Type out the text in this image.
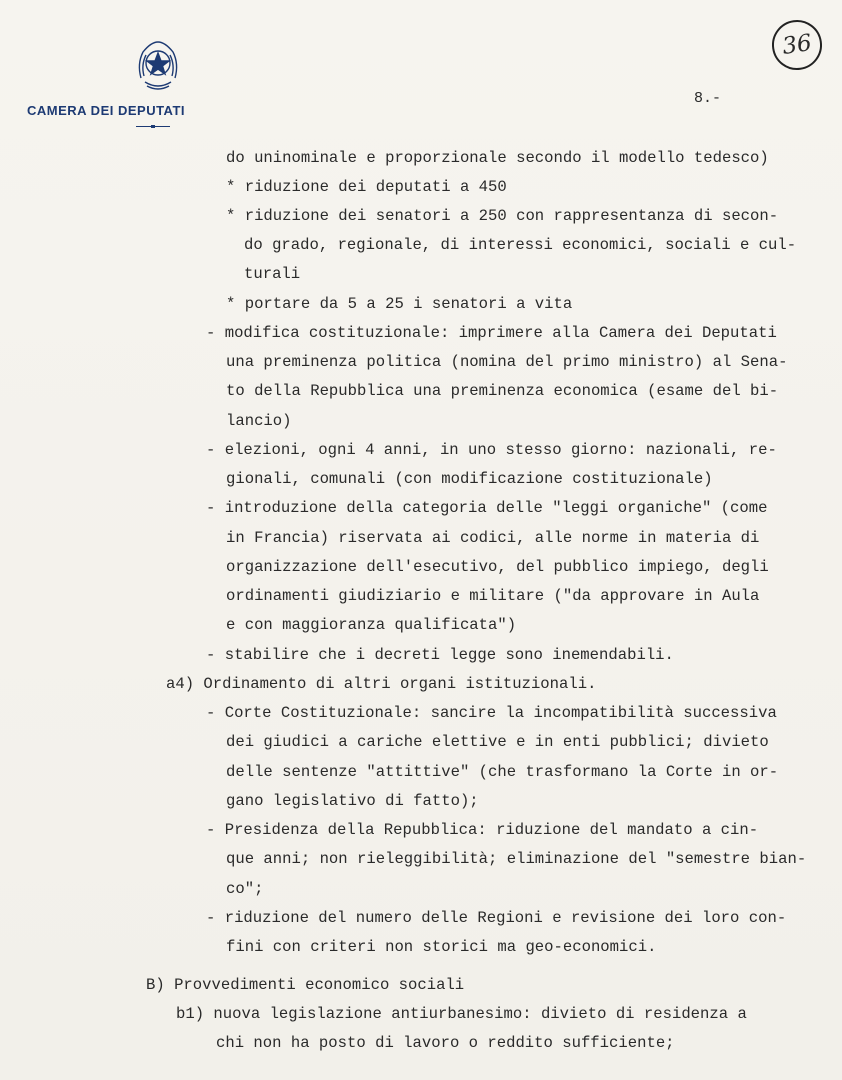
CAMERA DEI DEPUTATI
8.-
36
do uninominale e proporzionale secondo il modello tedesco)
* riduzione dei deputati a 450
* riduzione dei senatori a 250 con rappresentanza di secon-
do grado, regionale, di interessi economici, sociali e cul-
turali
* portare da 5 a 25 i senatori a vita
- modifica costituzionale: imprimere alla Camera dei Deputati
una preminenza politica (nomina del primo ministro) al Sena-
to della Repubblica una preminenza economica (esame del bi-
lancio)
- elezioni, ogni 4 anni, in uno stesso giorno: nazionali, re-
gionali, comunali (con modificazione costituzionale)
- introduzione della categoria delle "leggi organiche" (come
in Francia) riservata ai codici, alle norme in materia di
organizzazione dell'esecutivo, del pubblico impiego, degli
ordinamenti giudiziario e militare ("da approvare in Aula
e con maggioranza qualificata")
- stabilire che i decreti legge sono inemendabili.
a4) Ordinamento di altri organi istituzionali.
- Corte Costituzionale: sancire la incompatibilità successiva
dei giudici a cariche elettive e in enti pubblici; divieto
delle sentenze "attittive" (che trasformano la Corte in or-
gano legislativo di fatto);
- Presidenza della Repubblica: riduzione del mandato a cin-
que anni; non rieleggibilità; eliminazione del "semestre bian-
co";
- riduzione del numero delle Regioni e revisione dei loro con-
fini con criteri non storici ma geo-economici.
B) Provvedimenti economico sociali
b1) nuova legislazione antiurbanesimo: divieto di residenza a
chi non ha posto di lavoro o reddito sufficiente;
